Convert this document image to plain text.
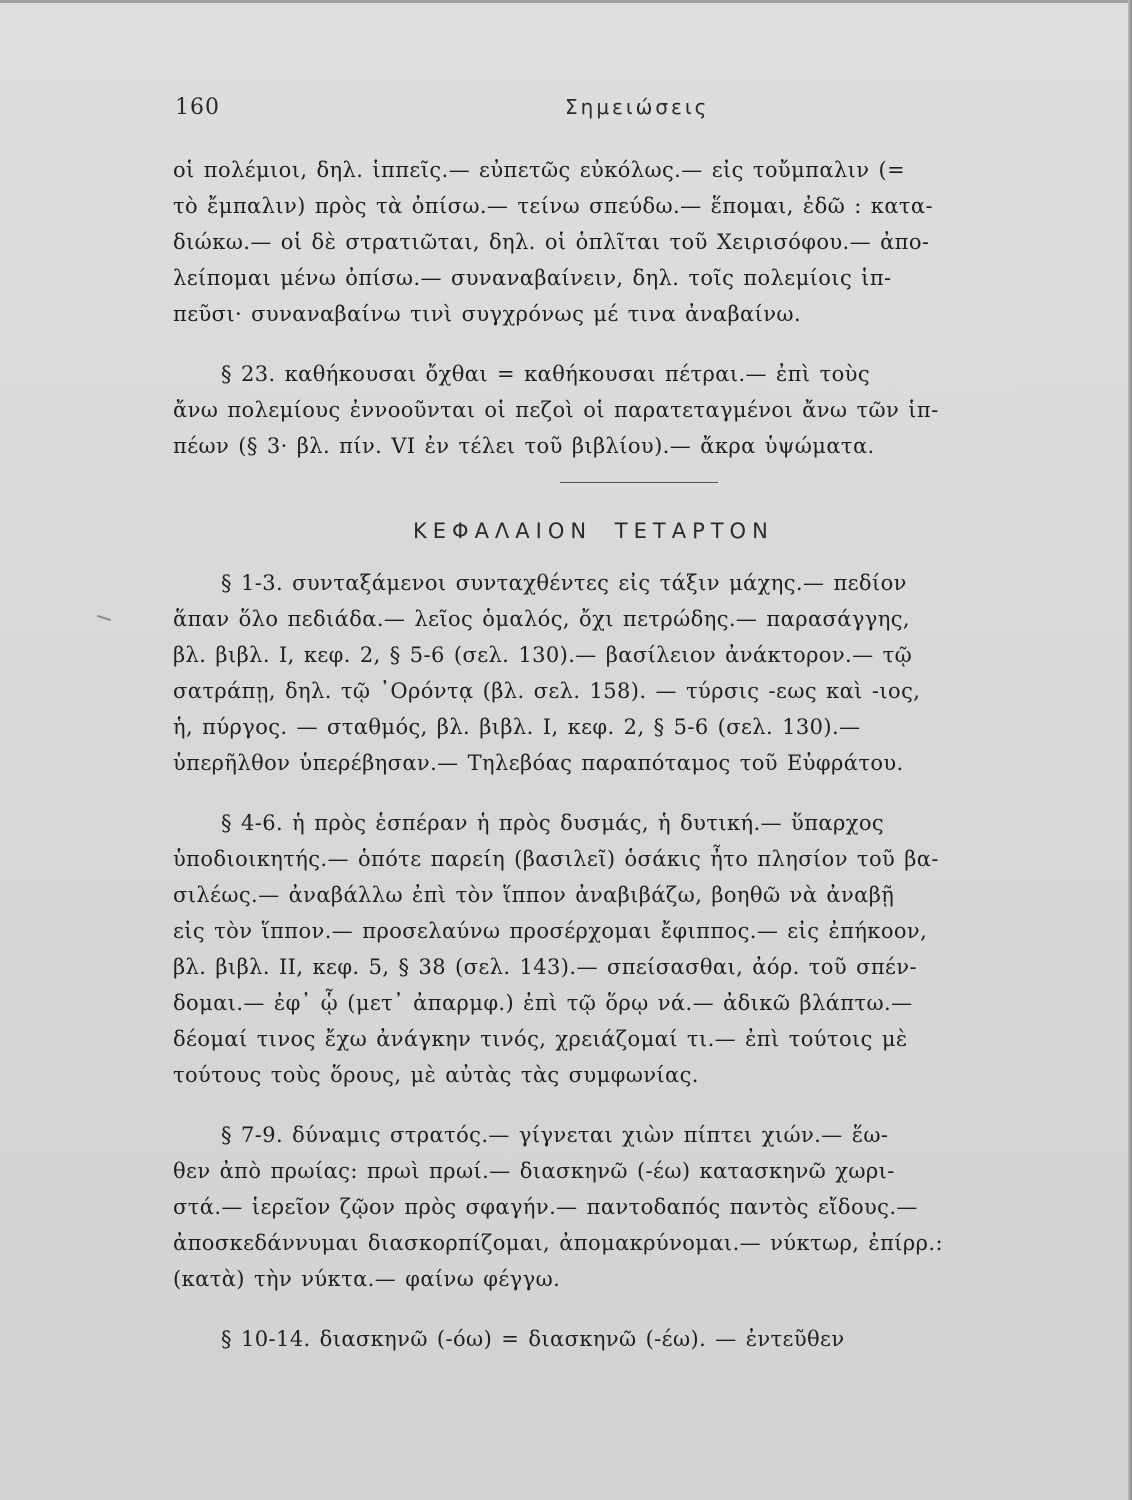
160	Σημειώσεις
οἱ πολέμιοι, δηλ. ἱππεῖς.— εὐπετῶς εὐκόλως.— εἰς τοὔμπαλιν (=
τὸ ἔμπαλιν) πρὸς τὰ ὀπίσω.— τείνω σπεύδω.— ἕπομαι, ἐδῶ : κατα-
διώκω.— οἱ δὲ στρατιῶται, δηλ. οἱ ὁπλῖται τοῦ Χειρισόφου.— ἀπο-
λείπομαι μένω ὀπίσω.— συναναβαίνειν, δηλ. τοῖς πολεμίοις ἱπ-
πεῦσι· συναναβαίνω τινὶ συγχρόνως μέ τινα ἀναβαίνω.
§ 23. καθήκουσαι ὄχθαι = καθήκουσαι πέτραι.— ἐπὶ τοὺς
ἄνω πολεμίους ἐννοοῦνται οἱ πεζοὶ οἱ παρατεταγμένοι ἄνω τῶν ἱπ-
πέων (§ 3· βλ. πίν. VI ἐν τέλει τοῦ βιβλίου).— ἄκρα ὑψώματα.
ΚΕΦΑΛΑΙΟΝ ΤΕΤΑΡΤΟΝ
§ 1-3. συνταξάμενοι συνταχθέντες εἰς τάξιν μάχης.— πεδίον
ἅπαν ὅλο πεδιάδα.— λεῖος ὁμαλός, ὄχι πετρώδης.— παρασάγγης,
βλ. βιβλ. I, κεφ. 2, § 5-6 (σελ. 130).— βασίλειον ἀνάκτορον.— τῷ
σατράπῃ, δηλ. τῷ ᾿Ορόντᾳ (βλ. σελ. 158). — τύρσις -εως καὶ -ιος,
ἡ, πύργος. — σταθμός, βλ. βιβλ. I, κεφ. 2, § 5-6 (σελ. 130).—
ὑπερῆλθον ὑπερέβησαν.— Τηλεβόας παραπόταμος τοῦ Εὐφράτου.
§ 4-6. ἡ πρὸς ἑσπέραν ἡ πρὸς δυσμάς, ἡ δυτική.— ὕπαρχος
ὑποδιοικητής.— ὁπότε παρείη (βασιλεῖ) ὁσάκις ἦτο πλησίον τοῦ βα-
σιλέως.— ἀναβάλλω ἐπὶ τὸν ἵππον ἀναβιβάζω, βοηθῶ νὰ ἀναβῇ
εἰς τὸν ἵππον.— προσελαύνω προσέρχομαι ἔφιππος.— εἰς ἐπήκοον,
βλ. βιβλ. II, κεφ. 5, § 38 (σελ. 143).— σπείσασθαι, ἀόρ. τοῦ σπέν-
δομαι.— ἐφ᾿ ᾧ (μετ᾿ ἀπαρμφ.) ἐπὶ τῷ ὅρῳ νά.— ἀδικῶ βλάπτω.—
δέομαί τινος ἔχω ἀνάγκην τινός, χρειάζομαί τι.— ἐπὶ τούτοις μὲ
τούτους τοὺς ὅρους, μὲ αὐτὰς τὰς συμφωνίας.
§ 7-9. δύναμις στρατός.— γίγνεται χιὼν πίπτει χιών.— ἕω-
θεν ἀπὸ πρωίας: πρωὶ πρωί.— διασκηνῶ (-έω) κατασκηνῶ χωρι-
στά.— ἱερεῖον ζῷον πρὸς σφαγήν.— παντοδαπός παντὸς εἴδους.—
ἀποσκεδάννυμαι διασκορπίζομαι, ἀπομακρύνομαι.— νύκτωρ, ἐπίρρ.:
(κατὰ) τὴν νύκτα.— φαίνω φέγγω.
§ 10-14. διασκηνῶ (-όω) = διασκηνῶ (-έω). — ἐντεῦθεν
